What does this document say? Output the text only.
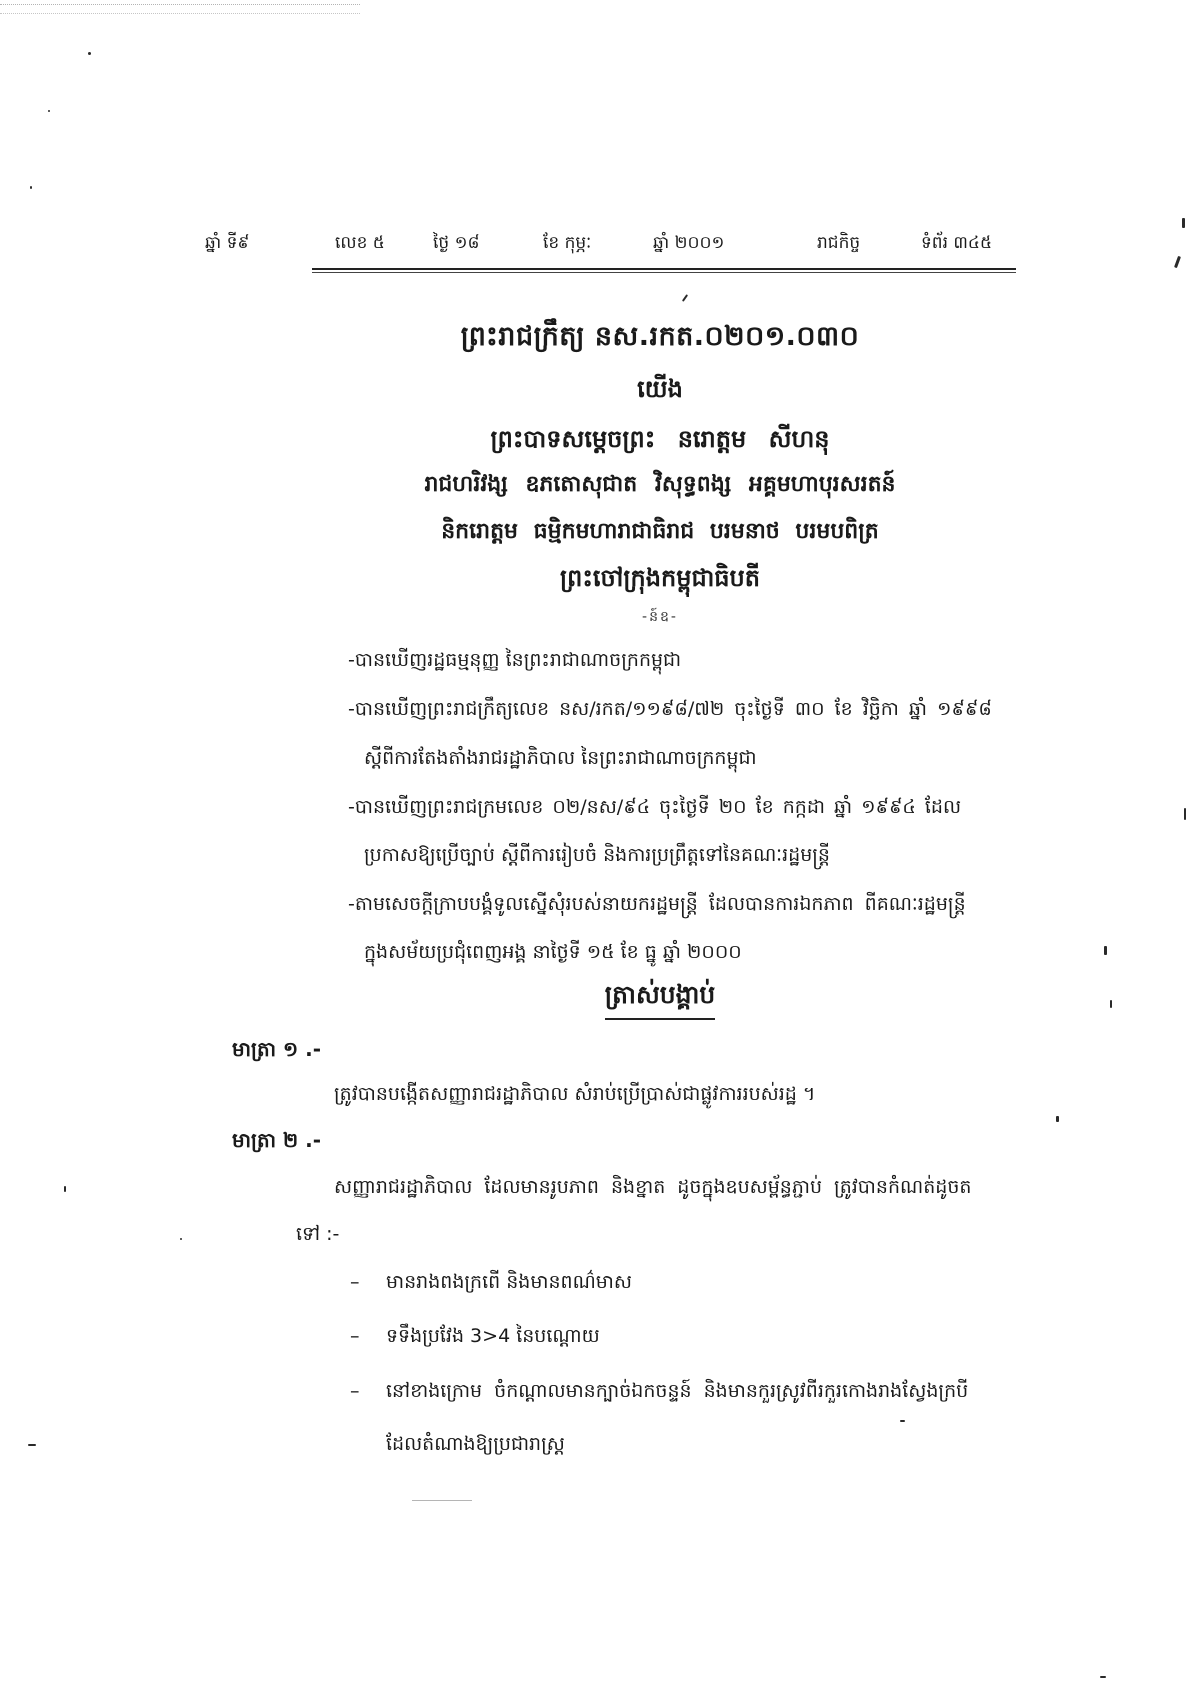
ឆ្នាំ ទី៩	លេខ ៥	ថ្ងៃ ១៨	ខែ កុម្ភៈ	ឆ្នាំ ២០០១	រាជកិច្ច	ទំព័រ ៣៤៥
ព្រះរាជក្រឹត្យ នស.រកត.០២០១.០៣០
យើង
ព្រះបាទសម្តេចព្រះ នរោត្តម សីហនុ
រាជហរិវង្ស ឧភតោសុជាត វិសុទ្ធពង្ស អគ្គមហាបុរសរតន៍
និករោត្តម ធម្មិកមហារាជាធិរាជ បរមនាថ បរមបពិត្រ
ព្រះចៅក្រុងកម្ពុជាធិបតី
-ន៍ឧ-
-បានឃើញរដ្ឋធម្មនុញ្ញ នៃព្រះរាជាណាចក្រកម្ពុជា
-បានឃើញព្រះរាជក្រឹត្យលេខ នស/រកត/១១៩៨/៧២ ចុះថ្ងៃទី ៣០ ខែ វិច្ឆិកា ឆ្នាំ ១៩៩៨
ស្តីពីការតែងតាំងរាជរដ្ឋាភិបាល នៃព្រះរាជាណាចក្រកម្ពុជា
-បានឃើញព្រះរាជក្រមលេខ ០២/នស/៩៤ ចុះថ្ងៃទី ២០ ខែ កក្កដា ឆ្នាំ ១៩៩៤ ដែល
ប្រកាសឱ្យប្រើច្បាប់ ស្តីពីការរៀបចំ និងការប្រព្រឹត្តទៅនៃគណៈរដ្ឋមន្ត្រី
-តាមសេចក្តីក្រាបបង្គំទូលស្នើសុំរបស់នាយករដ្ឋមន្ត្រី ដែលបានការឯកភាព ពីគណៈរដ្ឋមន្ត្រី
ក្នុងសម័យប្រជុំពេញអង្គ នាថ្ងៃទី ១៥ ខែ ធ្នូ ឆ្នាំ ២០០០
ត្រាស់បង្គាប់
មាត្រា ១ .-
ត្រូវបានបង្កើតសញ្ញារាជរដ្ឋាភិបាល សំរាប់ប្រើប្រាស់ជាផ្លូវការរបស់រដ្ឋ ។
មាត្រា ២ .-
សញ្ញារាជរដ្ឋាភិបាល ដែលមានរូបភាព និងខ្នាត ដូចក្នុងឧបសម្ព័ន្ធភ្ជាប់ ត្រូវបានកំណត់ដូចត
ទៅ :-
– មានរាងពងក្រពើ និងមានពណ៌មាស
– ទទឹងប្រវែង 3>4 នៃបណ្តោយ
– នៅខាងក្រោម ចំកណ្តាលមានក្បាច់ឯកចន្ទន៍ និងមានកួរស្រូវពីរកួរកោងរាងស្វែងក្របី
ដែលតំណាងឱ្យប្រជារាស្ត្រ
